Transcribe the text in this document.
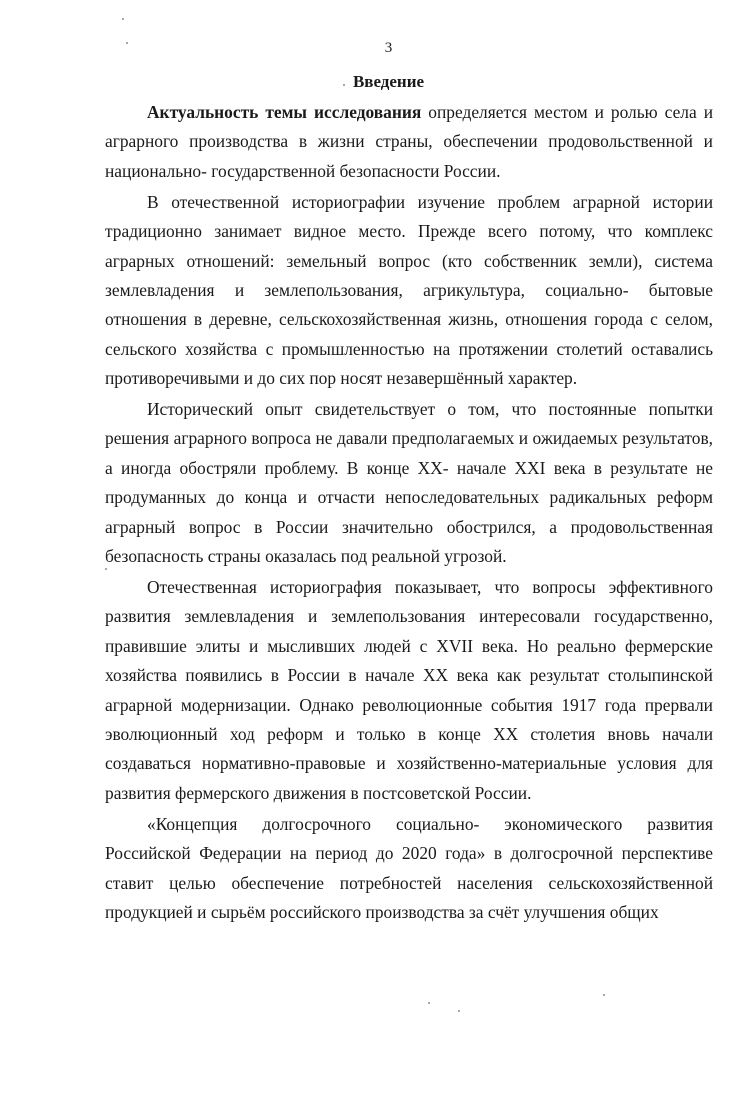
3
Введение

Актуальность темы исследования определяется местом и ролью села и аграрного производства в жизни страны, обеспечении продовольственной и национально- государственной безопасности России.

В отечественной историографии изучение проблем аграрной истории традиционно занимает видное место. Прежде всего потому, что комплекс аграрных отношений: земельный вопрос (кто собственник земли), система землевладения и землепользования, агрикультура, социально- бытовые отношения в деревне, сельскохозяйственная жизнь, отношения города с селом, сельского хозяйства с промышленностью на протяжении столетий оставались противоречивыми и до сих пор носят незавершённый характер.

Исторический опыт свидетельствует о том, что постоянные попытки решения аграрного вопроса не давали предполагаемых и ожидаемых результатов, а иногда обостряли проблему. В конце XX- начале XXI века в результате не продуманных до конца и отчасти непоследовательных радикальных реформ аграрный вопрос в России значительно обострился, а продовольственная безопасность страны оказалась под реальной угрозой.

Отечественная историография показывает, что вопросы эффективного развития землевладения и землепользования интересовали государственно, правившие элиты и мысливших людей с XVII века. Но реально фермерские хозяйства появились в России в начале XX века как результат столыпинской аграрной модернизации. Однако революционные события 1917 года прервали эволюционный ход реформ и только в конце XX столетия вновь начали создаваться нормативно-правовые и хозяйственно-материальные условия для развития фермерского движения в постсоветской России.

«Концепция долгосрочного социально- экономического развития Российской Федерации на период до 2020 года» в долгосрочной перспективе ставит целью обеспечение потребностей населения сельскохозяйственной продукцией и сырьём российского производства за счёт улучшения общих
